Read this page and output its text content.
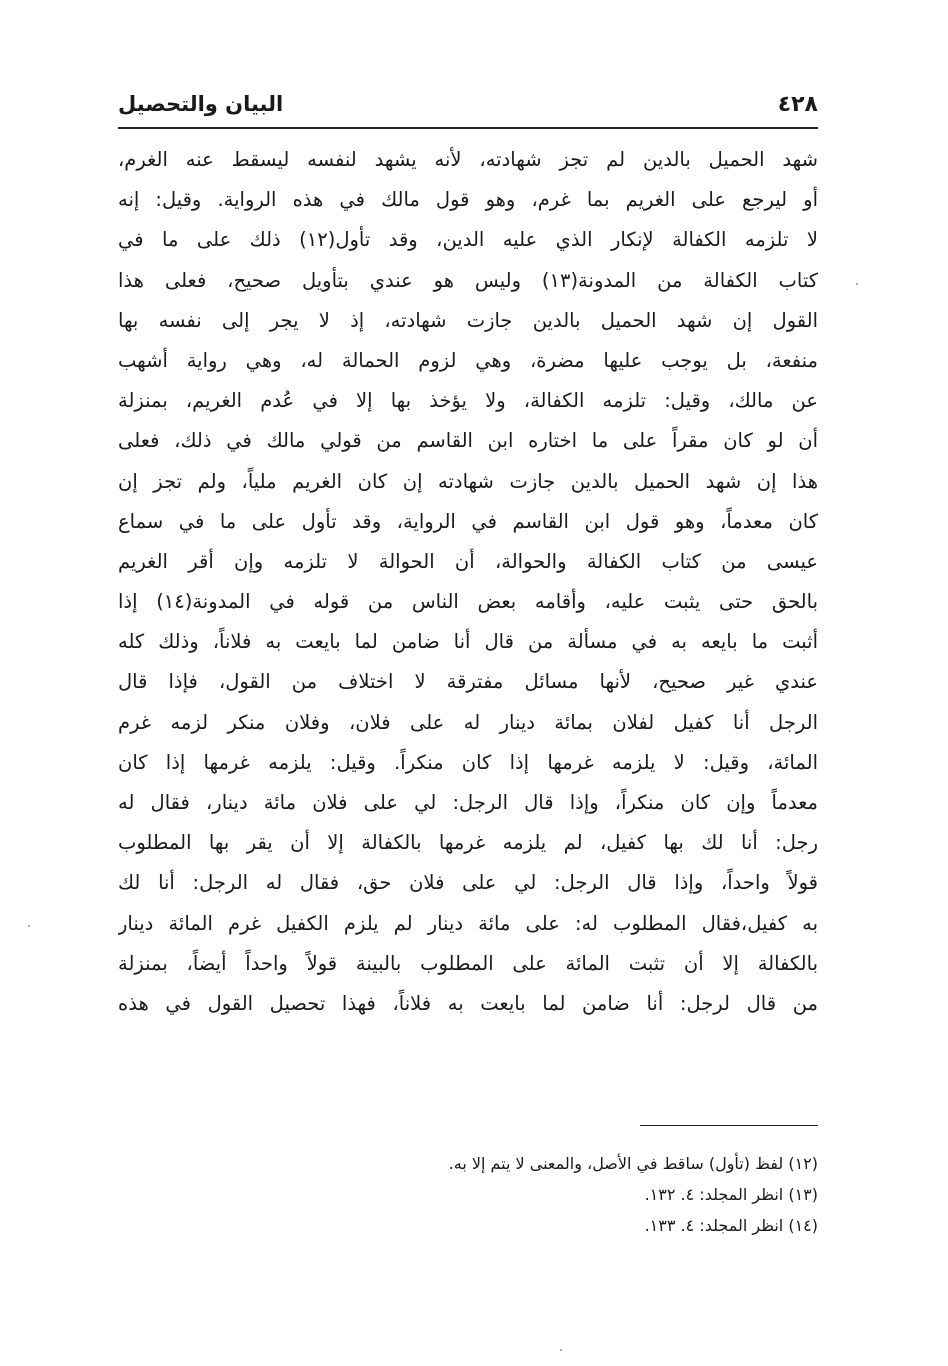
البيان والتحصيل	٤٢٨
شهد الحميل بالدين لم تجز شهادته، لأنه يشهد لنفسه ليسقط عنه الغرم،
أو ليرجع على الغريم بما غرم، وهو قول مالك في هذه الرواية. وقيل: إنه
لا تلزمه الكفالة لإنكار الذي عليه الدين، وقد تأول(١٢) ذلك على ما في
كتاب الكفالة من المدونة(١٣) وليس هو عندي بتأويل صحيح، فعلى هذا
القول إن شهد الحميل بالدين جازت شهادته، إذ لا يجر إلى نفسه بها
منفعة، بل يوجب عليها مضرة، وهي لزوم الحمالة له، وهي رواية أشهب
عن مالك، وقيل: تلزمه الكفالة، ولا يؤخذ بها إلا في عُدم الغريم، بمنزلة
أن لو كان مقراً على ما اختاره ابن القاسم من قولي مالك في ذلك، فعلى
هذا إن شهد الحميل بالدين جازت شهادته إن كان الغريم ملياً، ولم تجز إن
كان معدماً، وهو قول ابن القاسم في الرواية، وقد تأول على ما في سماع
عيسى من كتاب الكفالة والحوالة، أن الحوالة لا تلزمه وإن أقر الغريم
بالحق حتى يثبت عليه، وأقامه بعض الناس من قوله في المدونة(١٤) إذا
أثبت ما بايعه به في مسألة من قال أنا ضامن لما بايعت به فلاناً، وذلك كله
عندي غير صحيح، لأنها مسائل مفترقة لا اختلاف من القول، فإذا قال
الرجل أنا كفيل لفلان بمائة دينار له على فلان، وفلان منكر لزمه غرم
المائة، وقيل: لا يلزمه غرمها إذا كان منكراً. وقيل: يلزمه غرمها إذا كان
معدماً وإن كان منكراً، وإذا قال الرجل: لي على فلان مائة دينار، فقال له
رجل: أنا لك بها كفيل، لم يلزمه غرمها بالكفالة إلا أن يقر بها المطلوب
قولاً واحداً، وإذا قال الرجل: لي على فلان حق، فقال له الرجل: أنا لك
به كفيل،فقال المطلوب له: على مائة دينار لم يلزم الكفيل غرم المائة دينار
بالكفالة إلا أن تثبت المائة على المطلوب بالبينة قولاً واحداً أيضاً، بمنزلة
من قال لرجل: أنا ضامن لما بايعت به فلاناً، فهذا تحصيل القول في هذه
(١٢) لفظ (تأول) ساقط في الأصل، والمعنى لا يتم إلا به.
(١٣) انظر المجلد: ٤. ١٣٢.
(١٤) انظر المجلد: ٤. ١٣٣.
